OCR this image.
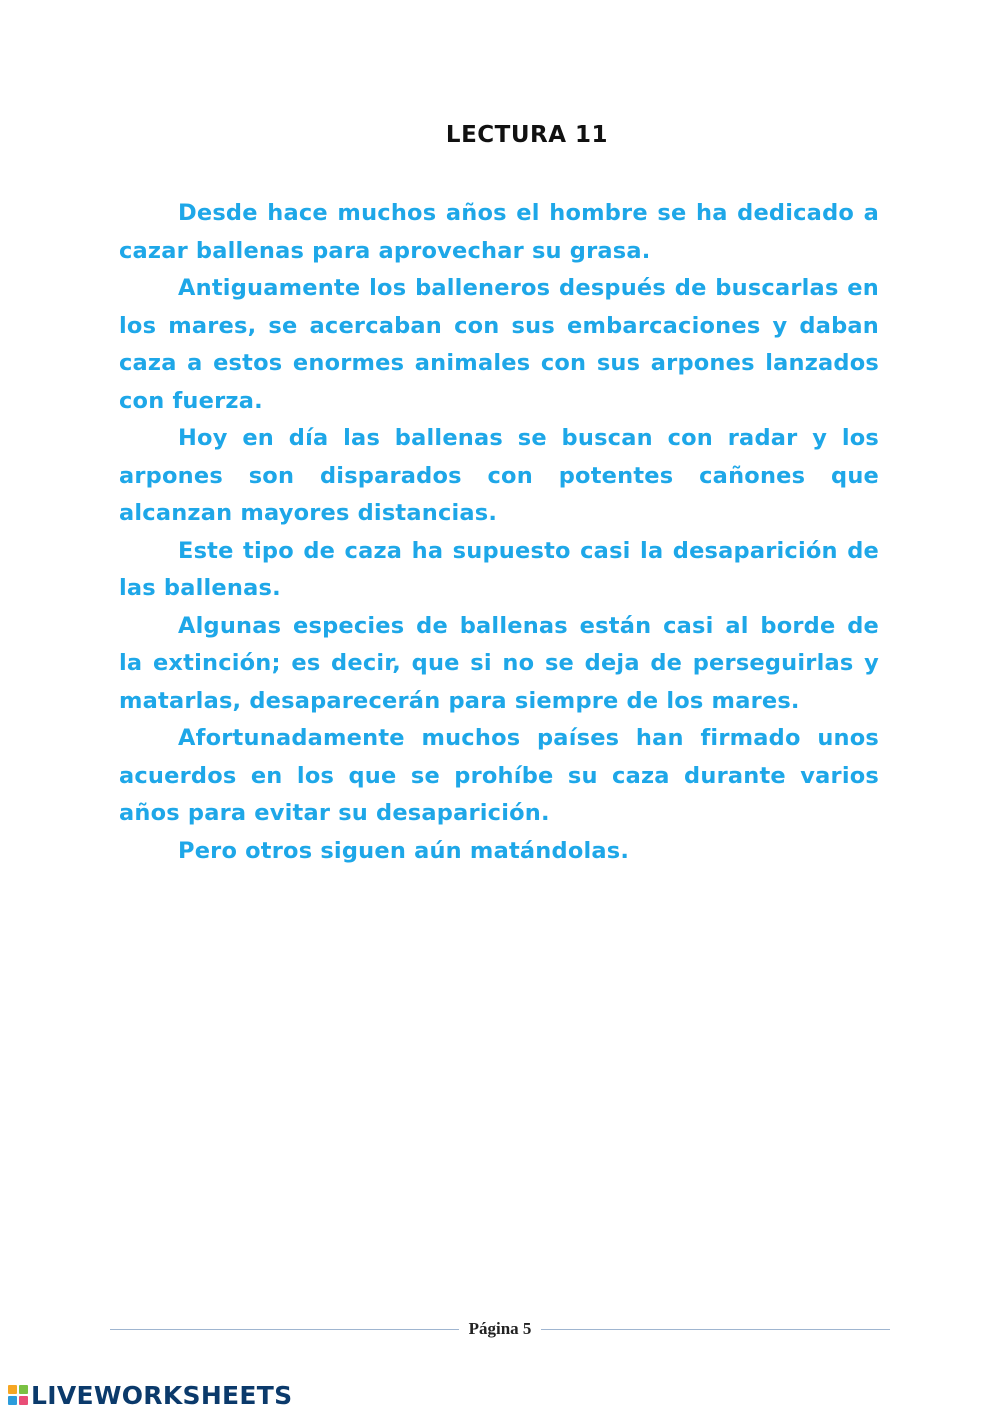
LECTURA 11

Desde hace muchos años el hombre se ha dedicado a cazar ballenas para aprovechar su grasa.

Antiguamente los balleneros después de buscarlas en los mares, se acercaban con sus embarcaciones y daban caza a estos enormes animales con sus arpones lanzados con fuerza.

Hoy en día las ballenas se buscan con radar y los arpones son disparados con potentes cañones que alcanzan mayores distancias.

Este tipo de caza ha supuesto casi la desaparición de las ballenas.

Algunas especies de ballenas están casi al borde de la extinción; es decir, que si no se deja de perseguirlas y matarlas, desaparecerán para siempre de los mares.

Afortunadamente muchos países han firmado unos acuerdos en los que se prohíbe su caza durante varios años para evitar su desaparición.

Pero otros siguen aún matándolas.

Página 5
LIVEWORKSHEETS
